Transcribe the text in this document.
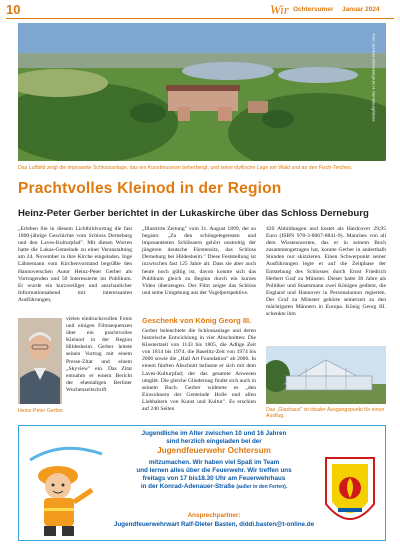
10	Wir Ochtersumer Januar 2024
Foto: Schloss Derneburg/Urs H. Derneburg/Glass
Das Luftbild zeigt die imposante Schlossanlage, das ein Kunstmuseum beherbergt, und seine idyllische Lage am Wald und an den Fisch-Teichen.
Prachtvolles Kleinod in der Region
Heinz-Peter Gerber berichtet in der Lukaskirche über das Schloss Derneburg
„Erleben Sie in diesem Lichtbildvortrag die fast 1000-jährige Geschichte vom Schloss Derneburg und den Laves-Kulturpfad". Mit diesen Worten hatte die Lukas-Gemeinde zu einer Veranstaltung am 24. November in ihre Kirche eingeladen. Inge Lähnemann vom Kirchenvorstand begrüßte den Hannoverschen Autor Heinz-Peter Gerber als Vortragenden und 50 Interessierte im Publikum. Er wurde ein kurzweiliger und anschaulicher Informationsabend mit interessanten Ausführungen,
vielen eindrucksvollen Fotos und einigen Filmsequenzen über ein prachtvolles Kleinod in der Region Hildesheim. Gerber leitete seinen Vortrag mit einem Presse-Zitat und einem „Skyview" ein. Das Zitat entnahm er einem Bericht der ehemaligen Berliner Wochenzeitschrift
Heinz-Peter Gerber.
„Illustrirte Zeitung" vom 31. August 1899, der so begann: „Zu den schöngelegensten und imposantesten Schlössern gehört unstreitig der jüngeren deutsche Fürstensitz, das Schloss Derneburg bei Hildesheim." Diese Feststellung ist inzwischen fast 125 Jahre alt. Dass sie aber auch heute noch gültig ist, davon konnte sich das Publikum gleich zu Beginn durch ein kurzes Video überzeugen. Der Film zeigte das Schloss und seine Umgebung aus der Vogelperspektive.
Geschenk von König Georg III.
Gerber beleuchtete die Schlossanlage und deren historische Entwicklung in vier Abschnitten: Die Klostertzeit von 1143 bis 1805, die Adlige Zeit von 1814 bis 1974, die Baselitz-Zeit von 1974 bis 2006 sowie die „Hall Art Foundation" ab 2006. In einem fünften Abschnitt befasste er sich mit dem Laves-Kulturpfad; der das gesamte Anwesen umgibt. Die gleiche Gliederung findet sich auch in seinem Buch. Gerber widmete es „den Einwohnern der Gemeinde Holle und allen Liebhabern von Kunst und Kultur". Es erschien auf 240 Seiten
420 Abbildungen und kostet als Hardcover 29,95 Euro (ISBN 978-3-8067-8841-9). Manches von all dem Wissenswerten, das er in seinem Buch zusammengetragen hat, konnte Gerber in anderthalb Stunden nur skizzieren. Einen Schwerpunkt seiner Ausführungen legte er auf die Zeitphase der Entstehung des Schlosses durch Ernst Friedrich Herbert Graf zu Münster. Dieser hatte 30 Jahre als Politiker und Staatsmann zwei Königen gedient, die England und Hannover in Personalunion regierten. Der Graf zu Münster gehörte seinerzeit zu den mächtigsten Männern in Europa. König Georg III. schenkte ihm
Das „Glashaus" ist idealer Ausgangspunkt für einen Ausflug.
Jugendliche im Alter zwischen 10 und 16 Jahren
sind herzlich eingeladen bei der
Jugendfeuerwehr Ochtersum
mitzumachen. Wir haben viel Spaß im Team
und lernen alles über die Feuerwehr. Wir treffen uns
freitags von 17 bis18.30 Uhr am Feuerwehrhaus
in der Konrad-Adenauer-Straße (außer in den Ferien).
Ansprechpartner:
Jugendfeuerwehrwart Ralf-Dieter Basten, diddi.basten@t-online.de
